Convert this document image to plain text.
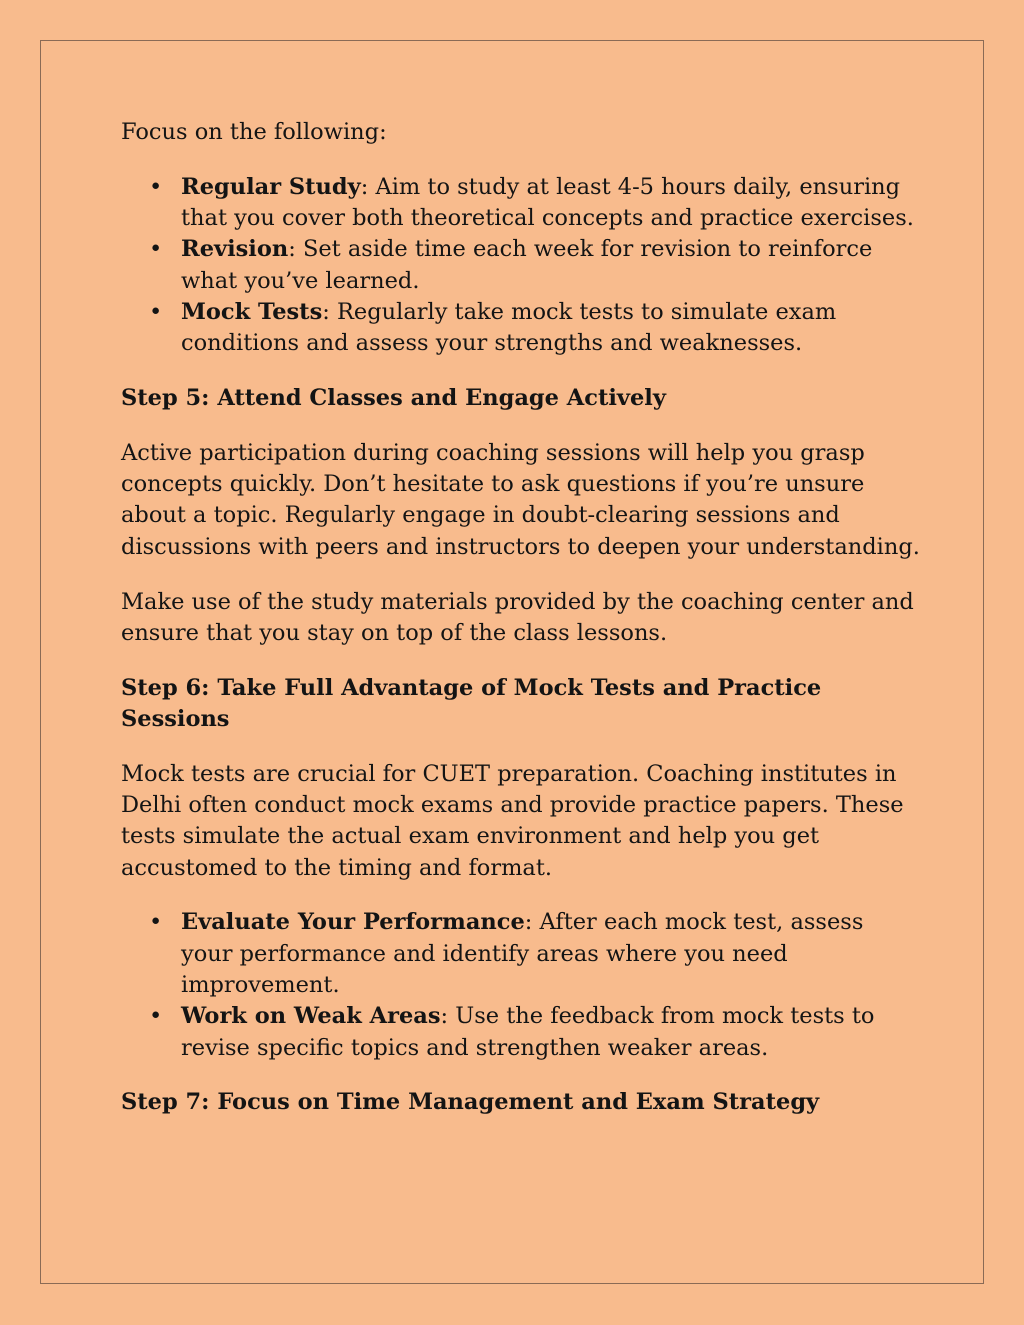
Focus on the following:

• Regular Study: Aim to study at least 4-5 hours daily, ensuring that you cover both theoretical concepts and practice exercises.
• Revision: Set aside time each week for revision to reinforce what you’ve learned.
• Mock Tests: Regularly take mock tests to simulate exam conditions and assess your strengths and weaknesses.
Step 5: Attend Classes and Engage Actively

Active participation during coaching sessions will help you grasp concepts quickly. Don’t hesitate to ask questions if you’re unsure about a topic. Regularly engage in doubt-clearing sessions and discussions with peers and instructors to deepen your understanding.

Make use of the study materials provided by the coaching center and ensure that you stay on top of the class lessons.

Step 6: Take Full Advantage of Mock Tests and Practice Sessions

Mock tests are crucial for CUET preparation. Coaching institutes in Delhi often conduct mock exams and provide practice papers. These tests simulate the actual exam environment and help you get accustomed to the timing and format.

• Evaluate Your Performance: After each mock test, assess your performance and identify areas where you need improvement.
• Work on Weak Areas: Use the feedback from mock tests to revise specific topics and strengthen weaker areas.
Step 7: Focus on Time Management and Exam Strategy
